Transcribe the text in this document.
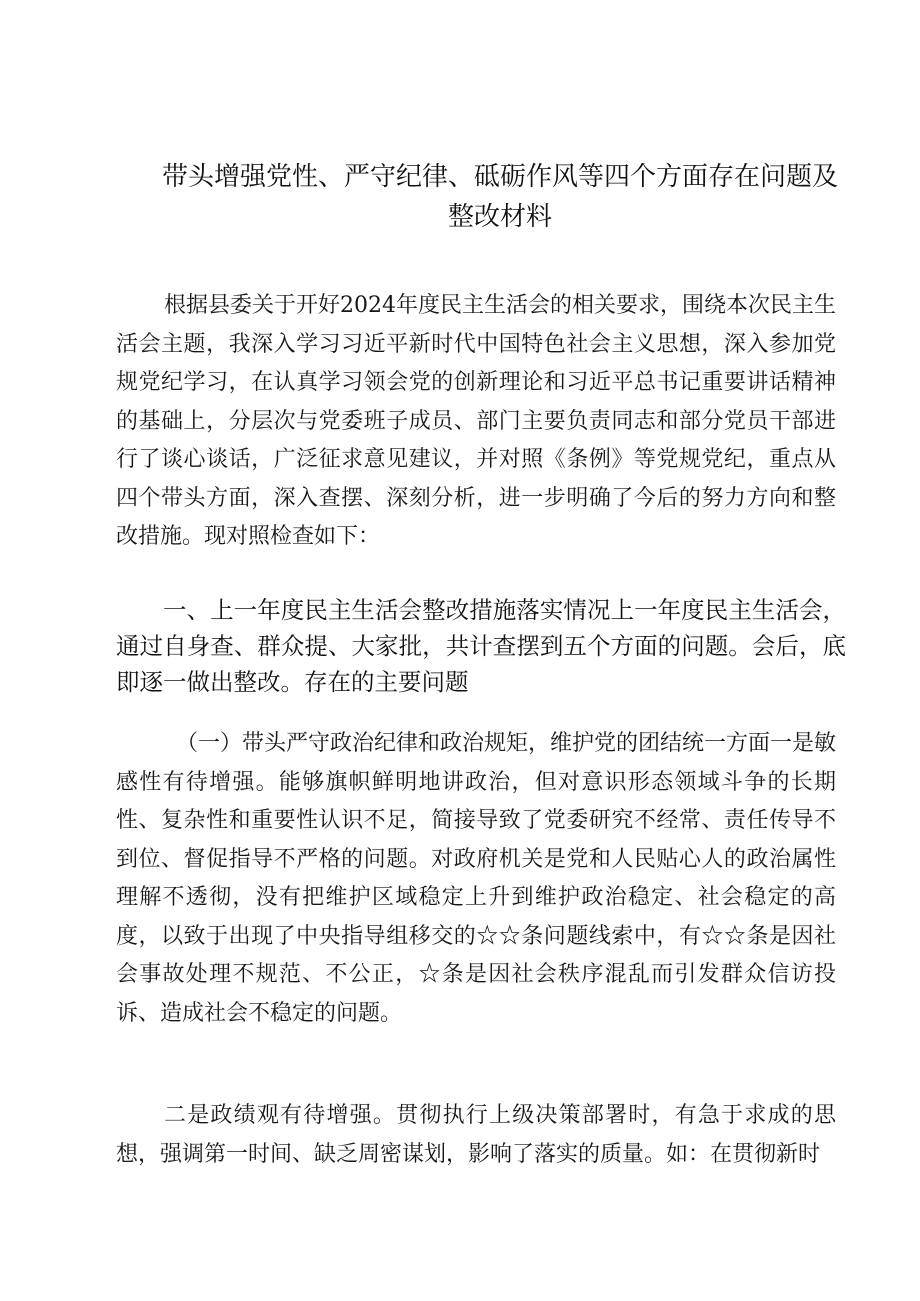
带头增强党性、严守纪律、砥砺作风等四个方面存在问题及整改材料
根据县委关于开好2024年度民主生活会的相关要求，围绕本次民主生活会主题，我深入学习习近平新时代中国特色社会主义思想，深入参加党规党纪学习，在认真学习领会党的创新理论和习近平总书记重要讲话精神的基础上，分层次与党委班子成员、部门主要负责同志和部分党员干部进行了谈心谈话，广泛征求意见建议，并对照《条例》等党规党纪，重点从四个带头方面，深入查摆、深刻分析，进一步明确了今后的努力方向和整改措施。现对照检查如下：
一、上一年度民主生活会整改措施落实情况上一年度民主生活会，通过自身查、群众提、大家批，共计查摆到五个方面的问题。会后，底即逐一做出整改。存在的主要问题
（一）带头严守政治纪律和政治规矩，维护党的团结统一方面一是敏感性有待增强。能够旗帜鲜明地讲政治，但对意识形态领域斗争的长期性、复杂性和重要性认识不足，简接导致了党委研究不经常、责任传导不到位、督促指导不严格的问题。对政府机关是党和人民贴心人的政治属性理解不透彻，没有把维护区域稳定上升到维护政治稳定、社会稳定的高度，以致于出现了中央指导组移交的☆☆条问题线索中，有☆☆条是因社会事故处理不规范、不公正，☆条是因社会秩序混乱而引发群众信访投诉、造成社会不稳定的问题。
二是政绩观有待增强。贯彻执行上级决策部署时，有急于求成的思想，强调第一时间、缺乏周密谋划，影响了落实的质量。如：在贯彻新时
